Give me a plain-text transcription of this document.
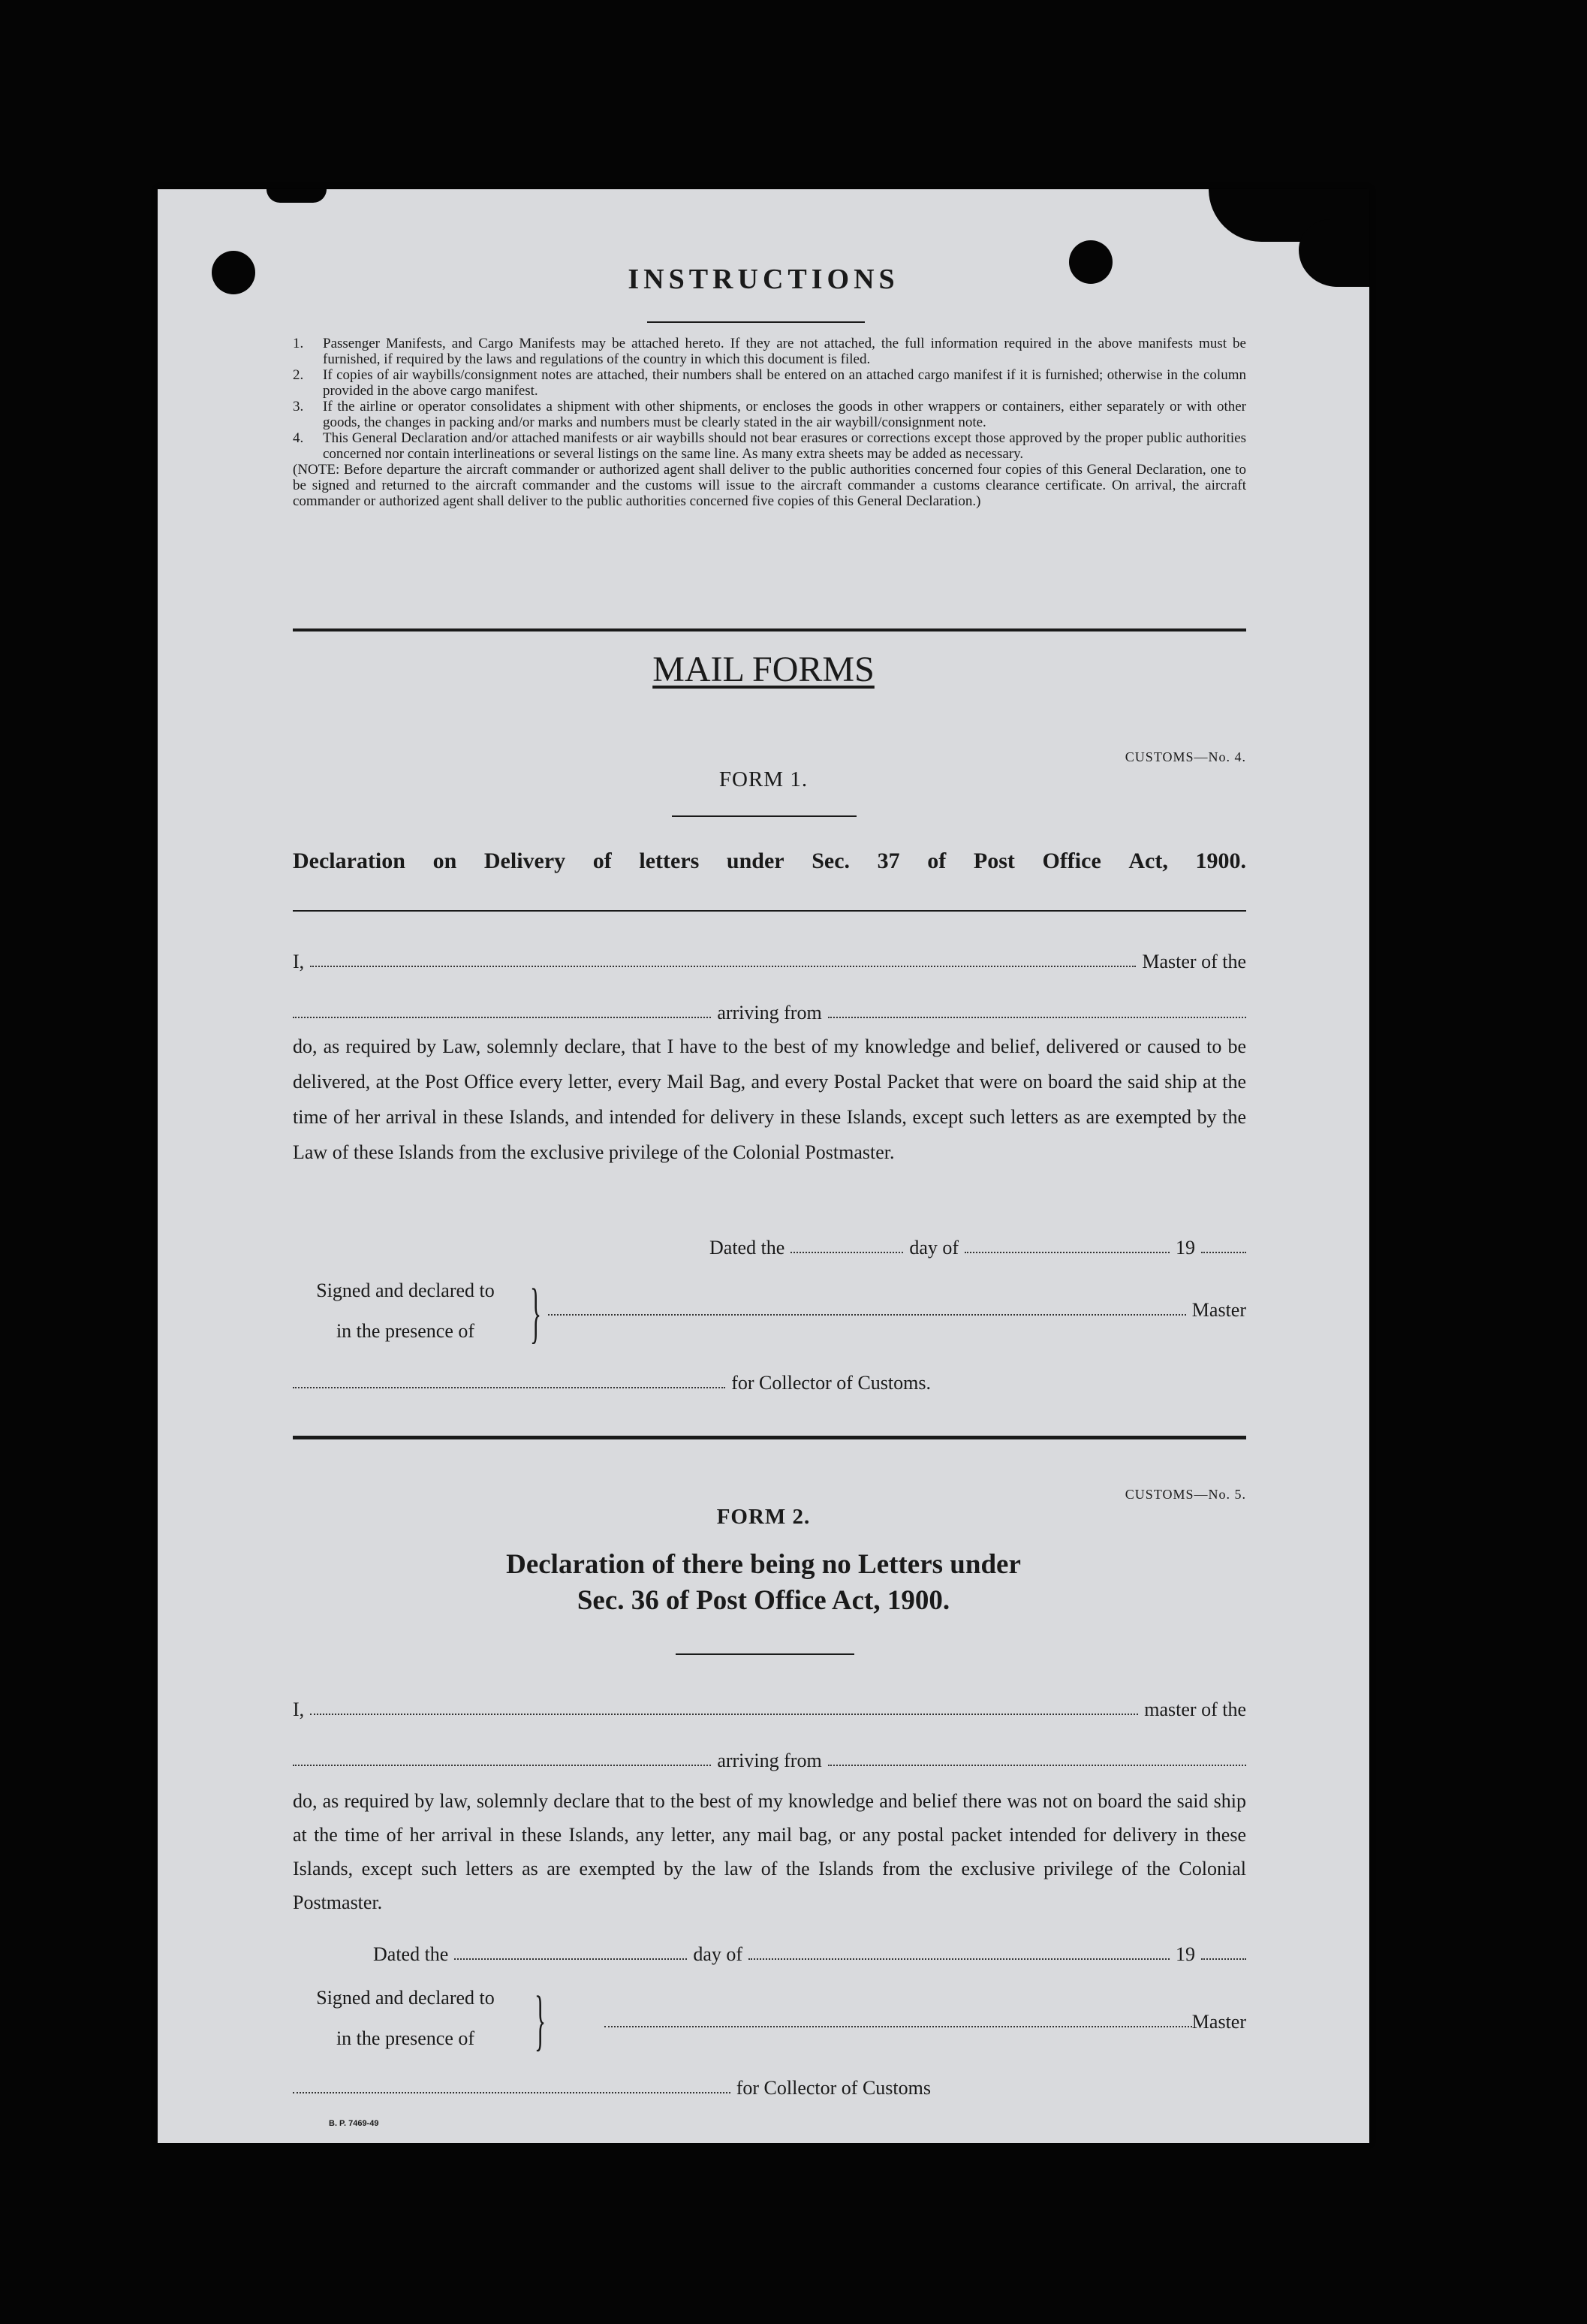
INSTRUCTIONS
1.	Passenger Manifests, and Cargo Manifests may be attached hereto. If they are not attached, the full information required in the above manifests must be furnished, if required by the laws and regulations of the country in which this document is filed.
2.	If copies of air waybills/consignment notes are attached, their numbers shall be entered on an attached cargo manifest if it is furnished; otherwise in the column provided in the above cargo manifest.
3.	If the airline or operator consolidates a shipment with other shipments, or encloses the goods in other wrappers or containers, either separately or with other goods, the changes in packing and/or marks and numbers must be clearly stated in the air waybill/consignment note.
4.	This General Declaration and/or attached manifests or air waybills should not bear erasures or corrections except those approved by the proper public authorities concerned nor contain interlineations or several listings on the same line. As many extra sheets may be added as necessary.
(NOTE: Before departure the aircraft commander or authorized agent shall deliver to the public authorities concerned four copies of this General Declaration, one to be signed and returned to the aircraft commander and the customs will issue to the aircraft commander a customs clearance certificate. On arrival, the aircraft commander or authorized agent shall deliver to the public authorities concerned five copies of this General Declaration.)
MAIL FORMS
CUSTOMS—No. 4.
FORM 1.
Declaration on Delivery of letters under Sec. 37 of Post Office Act, 1900.
I,	Master of the
arriving from
do, as required by Law, solemnly declare, that I have to the best of my knowledge and belief, delivered or caused to be delivered, at the Post Office every letter, every Mail Bag, and every Postal Packet that were on board the said ship at the time of her arrival in these Islands, and intended for delivery in these Islands, except such letters as are exempted by the Law of these Islands from the exclusive privilege of the Colonial Postmaster.
Dated the	day of	19
Signed and declared to
in the presence of }	Master
for Collector of Customs.
CUSTOMS—No. 5.
FORM 2.
Declaration of there being no Letters under
Sec. 36 of Post Office Act, 1900.
I,	master of the
arriving from
do, as required by law, solemnly declare that to the best of my knowledge and belief there was not on board the said ship at the time of her arrival in these Islands, any letter, any mail bag, or any postal packet intended for delivery in these Islands, except such letters as are exempted by the law of the Islands from the exclusive privilege of the Colonial Postmaster.
Dated the	day of	19
Signed and declared to
in the presence of }	Master
for Collector of Customs
B. P. 7469-49
